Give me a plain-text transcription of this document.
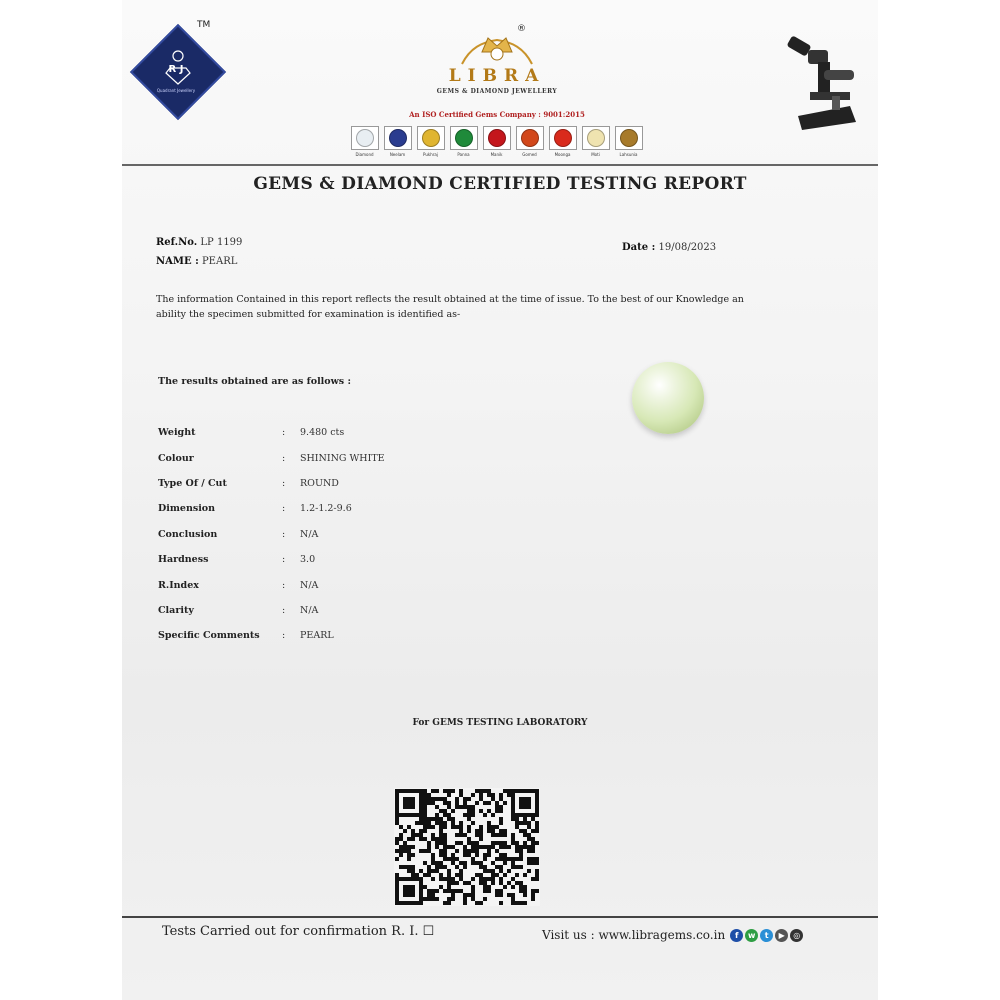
TM
R J
Quadrant Jewellery
®
LIBRA
GEMS & DIAMOND JEWELLERY
An ISO Certified Gems Company : 9001:2015
Diamond	Neelam	Pukhraj	Panna	Manik	Gomed	Moonga	Moti	Lahsunia
GEMS & DIAMOND CERTIFIED TESTING REPORT
Ref.No. LP 1199
NAME : PEARL
Date : 19/08/2023
The information Contained in this report reflects the result obtained at the time of issue. To the best of our Knowledge an ability the specimen submitted for examination is identified as-
The results obtained are as follows :
Weight	:	9.480 cts
Colour	:	SHINING WHITE
Type Of / Cut	:	ROUND
Dimension	:	1.2-1.2-9.6
Conclusion	:	N/A
Hardness	:	3.0
R.Index	:	N/A
Clarity	:	N/A
Specific Comments	:	PEARL
For GEMS TESTING LABORATORY
Tests Carried out for confirmation R. I. ☐	Visit us : www.libragems.co.in	f	w	t	▶	◎
